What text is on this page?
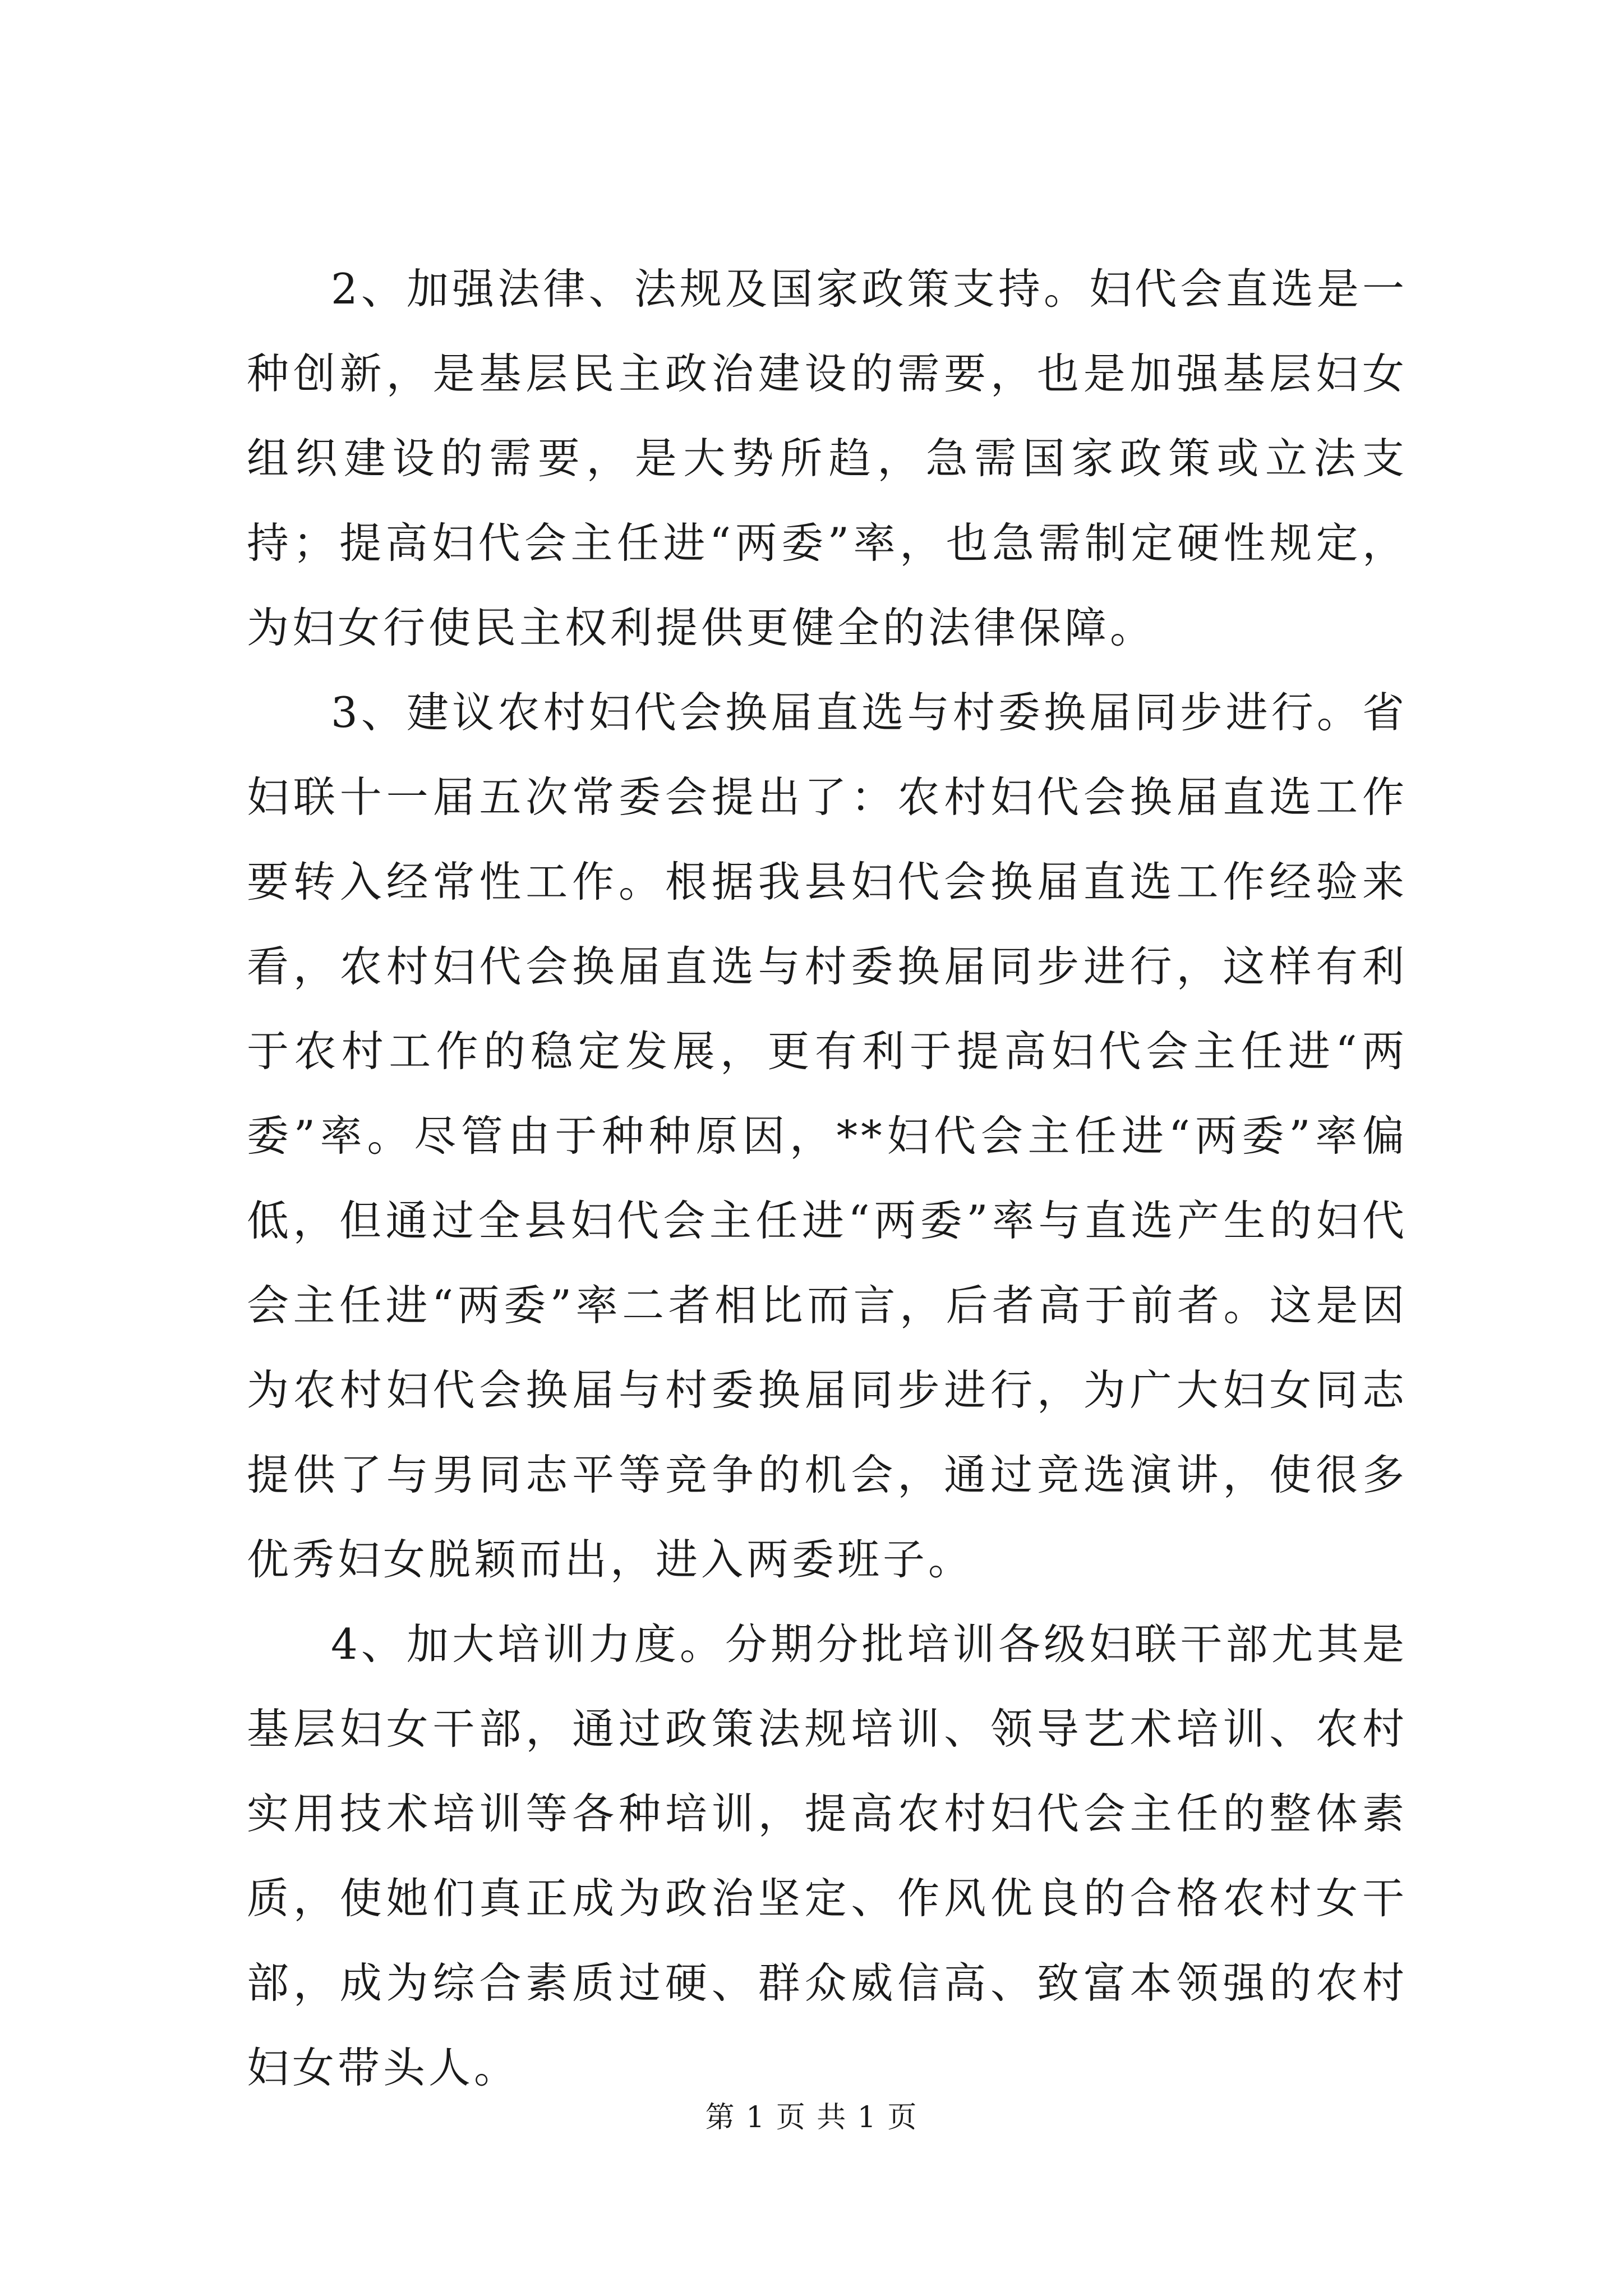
2、加强法律、法规及国家政策支持。妇代会直选是一种创新，是基层民主政治建设的需要，也是加强基层妇女组织建设的需要，是大势所趋，急需国家政策或立法支持；提高妇代会主任进“两委”率，也急需制定硬性规定，为妇女行使民主权利提供更健全的法律保障。

3、建议农村妇代会换届直选与村委换届同步进行。省妇联十一届五次常委会提出了：农村妇代会换届直选工作要转入经常性工作。根据我县妇代会换届直选工作经验来看，农村妇代会换届直选与村委换届同步进行，这样有利于农村工作的稳定发展，更有利于提高妇代会主任进“两委”率。尽管由于种种原因，**妇代会主任进“两委”率偏低，但通过全县妇代会主任进“两委”率与直选产生的妇代会主任进“两委”率二者相比而言，后者高于前者。这是因为农村妇代会换届与村委换届同步进行，为广大妇女同志提供了与男同志平等竞争的机会，通过竞选演讲，使很多优秀妇女脱颖而出，进入两委班子。

4、加大培训力度。分期分批培训各级妇联干部尤其是基层妇女干部，通过政策法规培训、领导艺术培训、农村实用技术培训等各种培训，提高农村妇代会主任的整体素质，使她们真正成为政治坚定、作风优良的合格农村女干部，成为综合素质过硬、群众威信高、致富本领强的农村妇女带头人。

第 1 页 共 1 页
